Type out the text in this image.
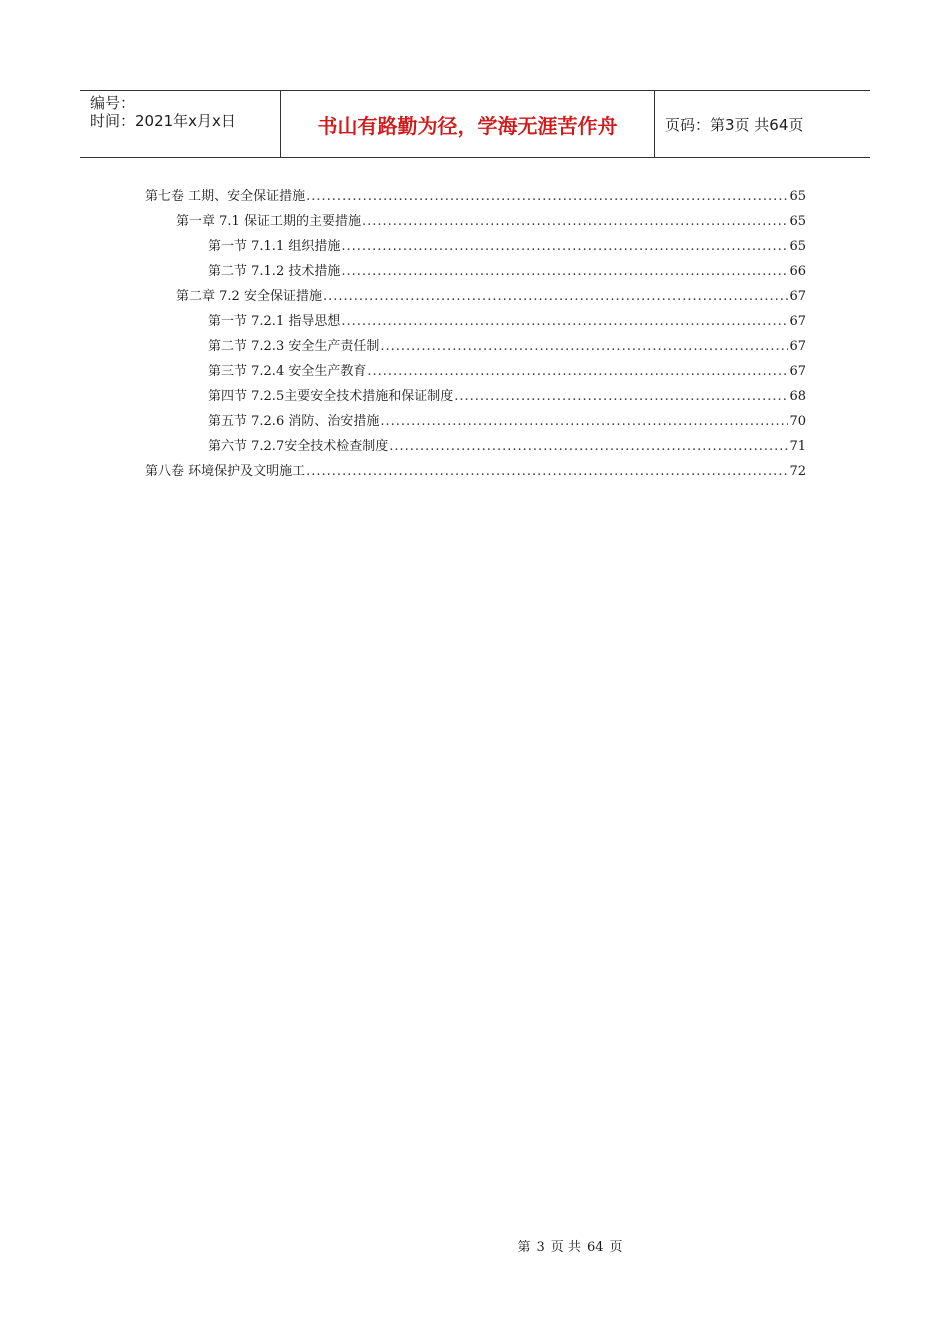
编号：
时间：2021年x月x日	书山有路勤为径，学海无涯苦作舟	页码：第3页 共64页
第七卷 工期、安全保证措施 .....	65
第一章 7.1 保证工期的主要措施 .....	65
第一节 7.1.1 组织措施 .....	65
第二节 7.1.2 技术措施 .....	66
第二章 7.2 安全保证措施 .....	67
第一节 7.2.1 指导思想 .....	67
第二节 7.2.3 安全生产责任制 .....	67
第三节 7.2.4 安全生产教育 .....	67
第四节 7.2.5主要安全技术措施和保证制度 .....	68
第五节 7.2.6 消防、治安措施 .....	70
第六节 7.2.7安全技术检查制度 .....	71
第八卷 环境保护及文明施工 .....	72
第 3 页 共 64 页
